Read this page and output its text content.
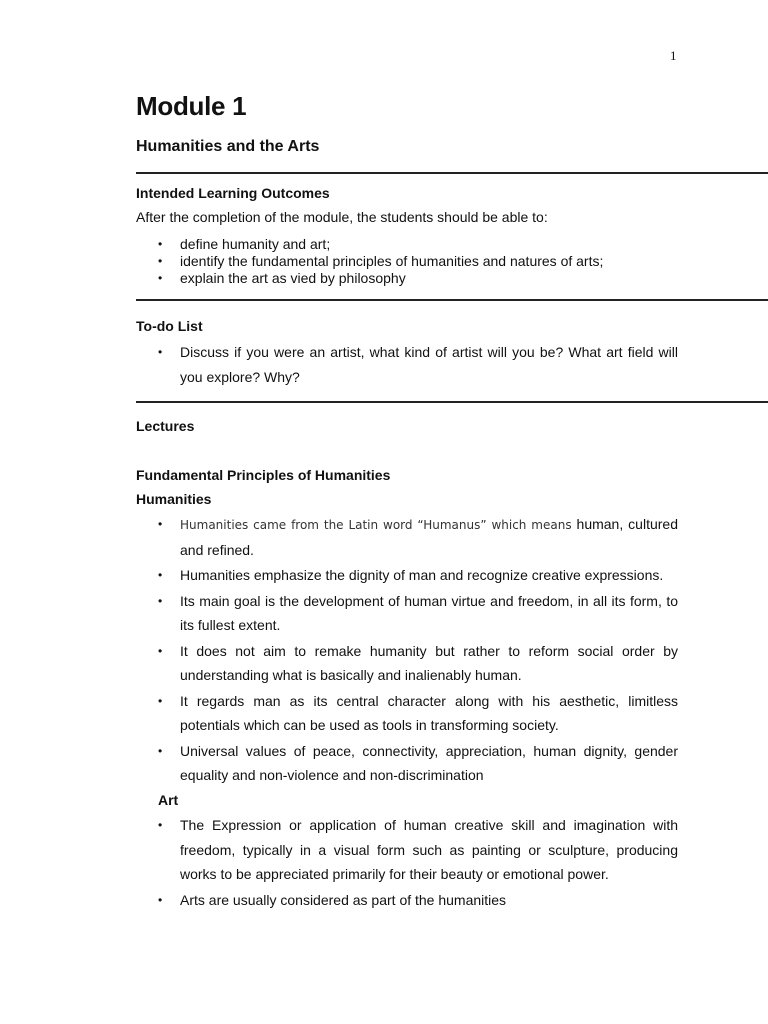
1
Module 1
Humanities and the Arts
Intended Learning Outcomes
After the completion of the module, the students should be able to:
• define humanity and art;
• identify the fundamental principles of humanities and natures of arts;
• explain the art as vied by philosophy
To-do List
• Discuss if you were an artist, what kind of artist will you be? What art field will you explore? Why?
Lectures
Fundamental Principles of Humanities
Humanities
• Humanities came from the Latin word “Humanus” which means human, cultured and refined.
• Humanities emphasize the dignity of man and recognize creative expressions.
• Its main goal is the development of human virtue and freedom, in all its form, to its fullest extent.
• It does not aim to remake humanity but rather to reform social order by understanding what is basically and inalienably human.
• It regards man as its central character along with his aesthetic, limitless potentials which can be used as tools in transforming society.
• Universal values of peace, connectivity, appreciation, human dignity, gender equality and non-violence and non-discrimination
Art
• The Expression or application of human creative skill and imagination with freedom, typically in a visual form such as painting or sculpture, producing works to be appreciated primarily for their beauty or emotional power.
• Arts are usually considered as part of the humanities
